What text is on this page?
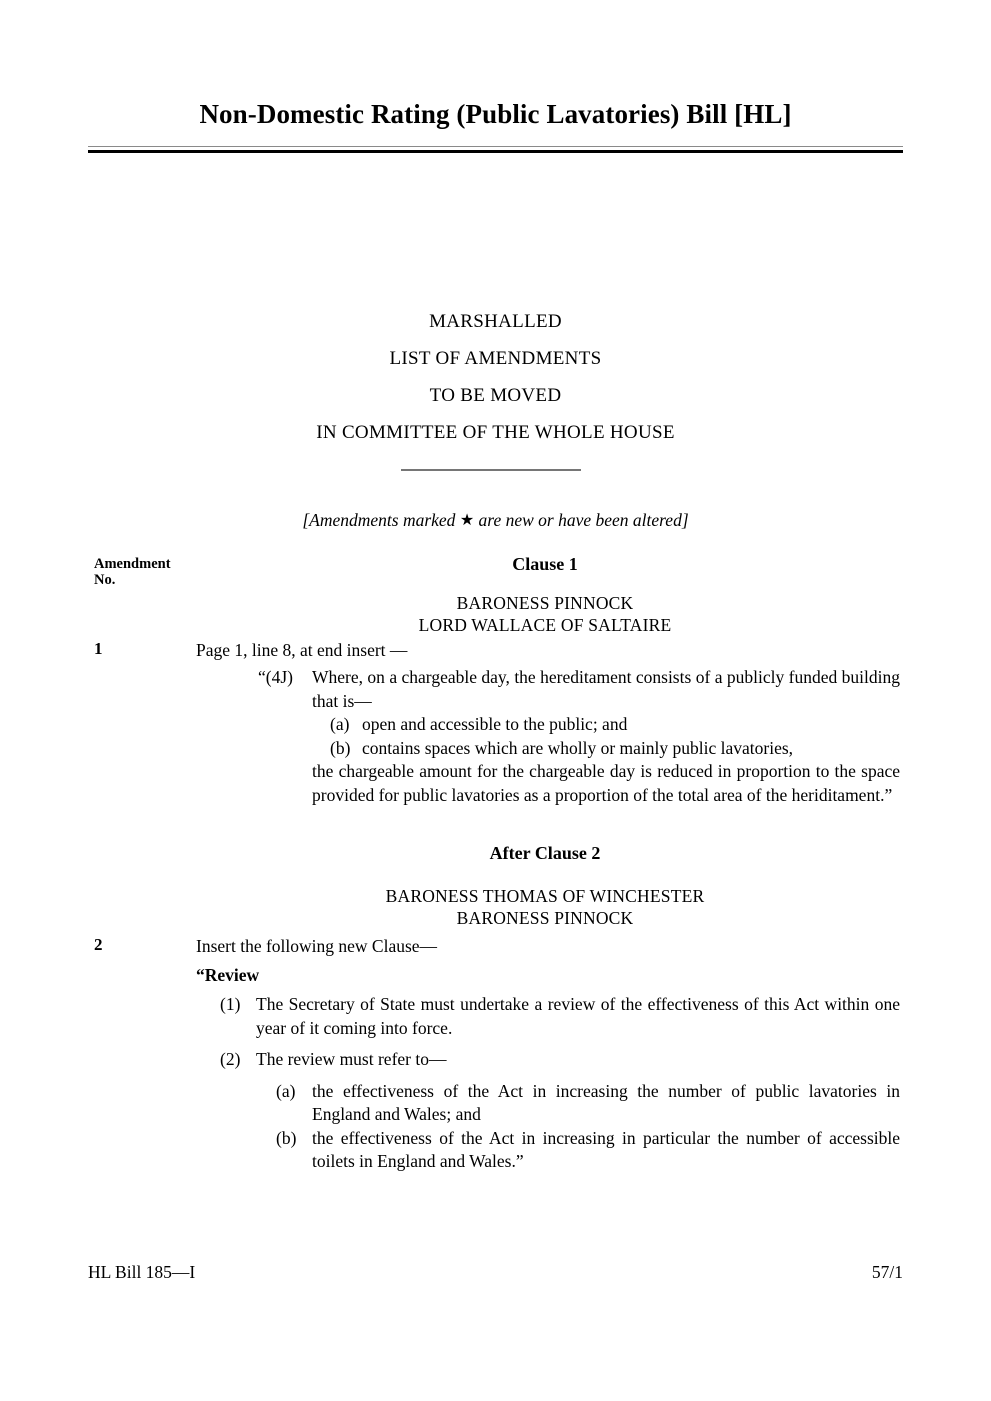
Non-Domestic Rating (Public Lavatories) Bill [HL]
MARSHALLED
LIST OF AMENDMENTS
TO BE MOVED
IN COMMITTEE OF THE WHOLE HOUSE
[Amendments marked ★ are new or have been altered]
Amendment
No.
1
2
Clause 1
BARONESS PINNOCK
LORD WALLACE OF SALTAIRE
Page 1, line 8, at end insert —
“(4J) Where, on a chargeable day, the hereditament consists of a publicly funded building that is—
(a) open and accessible to the public; and
(b) contains spaces which are wholly or mainly public lavatories,
the chargeable amount for the chargeable day is reduced in proportion to the space provided for public lavatories as a proportion of the total area of the heriditament.”
After Clause 2
BARONESS THOMAS OF WINCHESTER
BARONESS PINNOCK
Insert the following new Clause—
“Review
(1) The Secretary of State must undertake a review of the effectiveness of this Act within one year of it coming into force.
(2) The review must refer to—
(a) the effectiveness of the Act in increasing the number of public lavatories in England and Wales; and
(b) the effectiveness of the Act in increasing in particular the number of accessible toilets in England and Wales.”
HL Bill 185—I	57/1
